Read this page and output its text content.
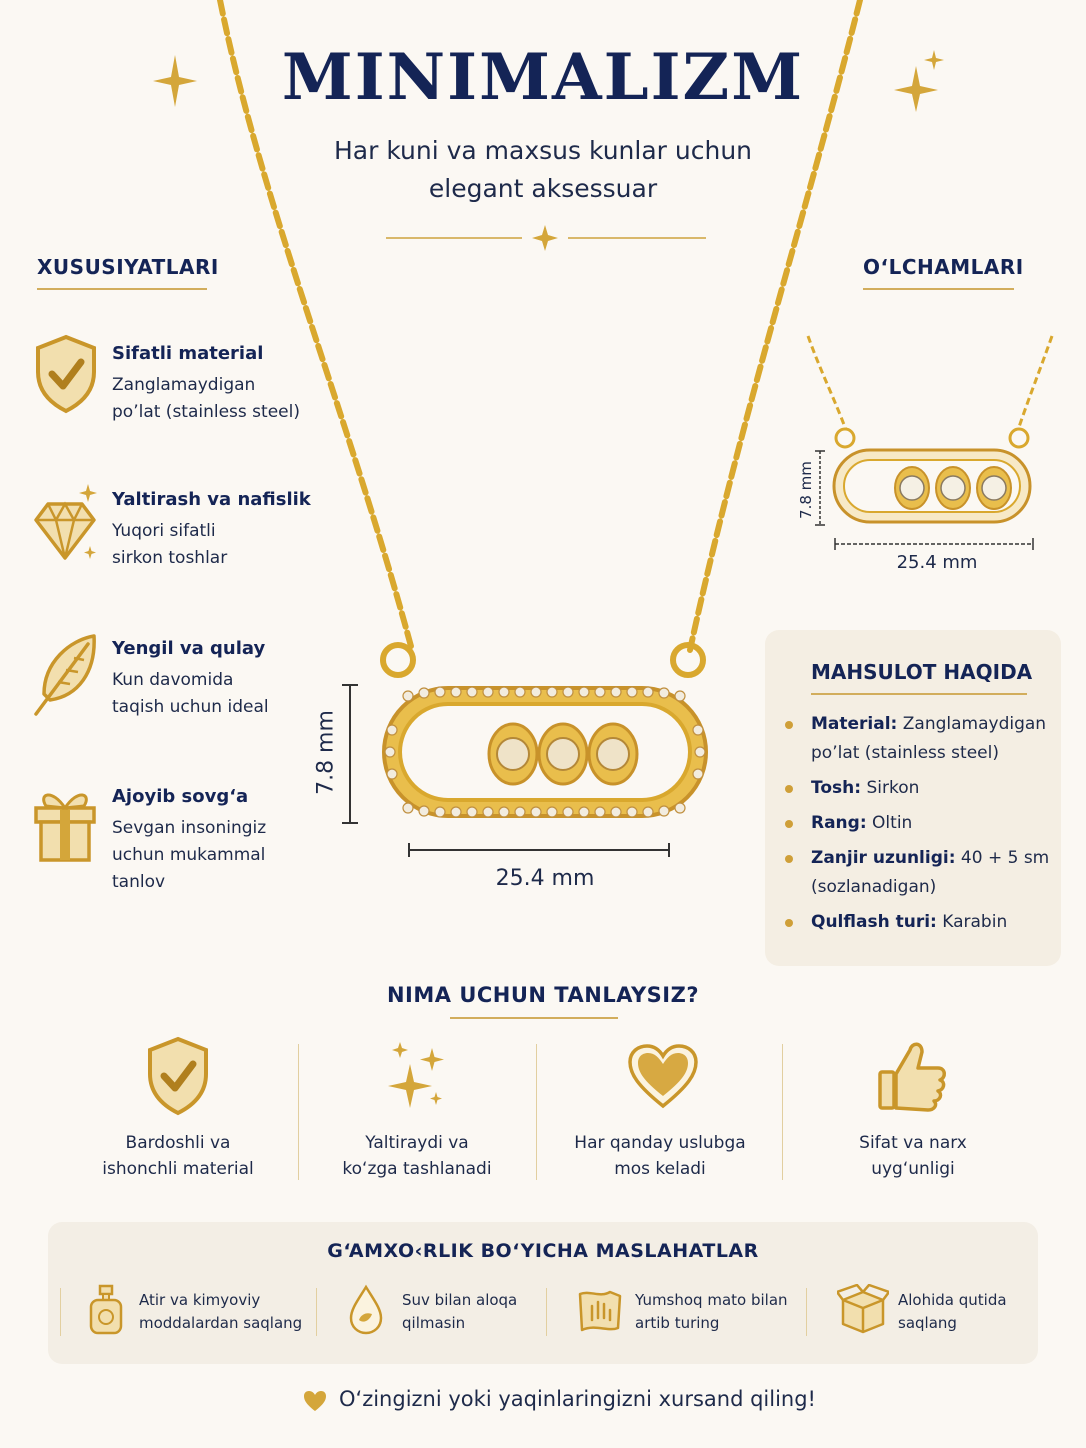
MINIMALIZM
Har kuni va maxsus kunlar uchun
elegant aksessuar
7.8 mm
25.4 mm
XUSUSIYATLARI
Sifatli material
Zanglamaydigan
po’lat (stainless steel)
Yaltirash va nafislik
Yuqori sifatli
sirkon toshlar
Yengil va qulay
Kun davomida
taqish uchun ideal
Ajoyib sovg‘a
Sevgan insoningiz
uchun mukammal
tanlov
O‘LCHAMLARI
7.8 mm
25.4 mm
MAHSULOT HAQIDA
Material: Zanglamaydigan
po’lat (stainless steel)
Tosh: Sirkon
Rang: Oltin
Zanjir uzunligi: 40 + 5 sm
(sozlanadigan)
Qulflash turi: Karabin
NIMA UCHUN TANLAYSIZ?
Bardoshli va
ishonchli material
Yaltiraydi va
ko‘zga tashlanadi
Har qanday uslubga
mos keladi
Sifat va narx
uyg‘unligi
G‘AMXO‹RLIK BO‘YICHA MASLAHATLAR
Atir va kimyoviy
moddalardan saqlang
Suv bilan aloqa
qilmasin
Yumshoq mato bilan
artib turing
Alohida qutida
saqlang
O‘zingizni yoki yaqinlaringizni xursand qiling!
